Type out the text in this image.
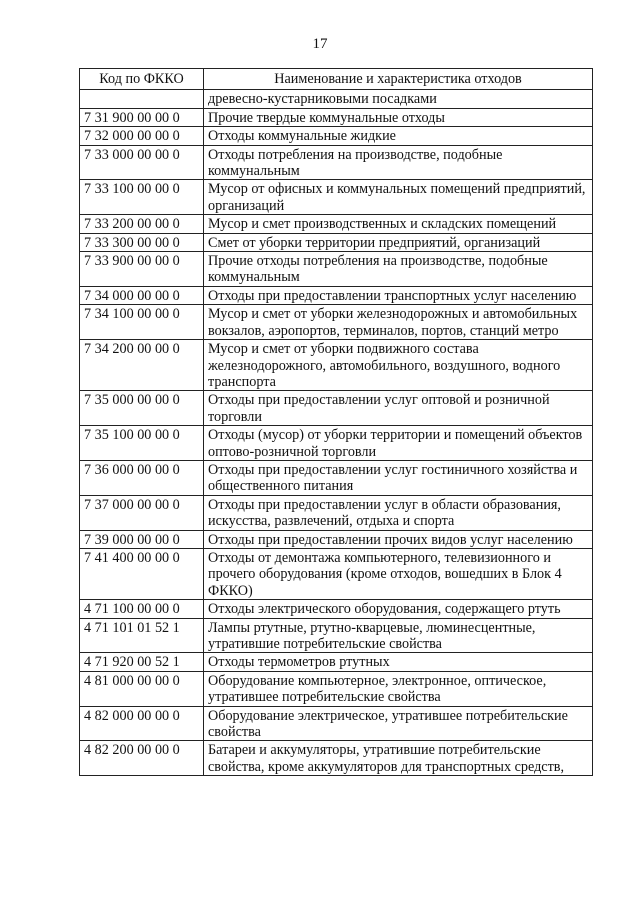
17
Код по ФККО	Наименование и характеристика отходов
	древесно-кустарниковыми посадками
7 31 900 00 00 0	Прочие твердые коммунальные отходы
7 32 000 00 00 0	Отходы коммунальные жидкие
7 33 000 00 00 0	Отходы потребления на производстве, подобные коммунальным
7 33 100 00 00 0	Мусор от офисных и коммунальных помещений предприятий, организаций
7 33 200 00 00 0	Мусор и смет производственных и складских помещений
7 33 300 00 00 0	Смет от уборки территории предприятий, организаций
7 33 900 00 00 0	Прочие отходы потребления на производстве, подобные коммунальным
7 34 000 00 00 0	Отходы при предоставлении транспортных услуг населению
7 34 100 00 00 0	Мусор и смет от уборки железнодорожных и автомобильных вокзалов, аэропортов, терминалов, портов, станций метро
7 34 200 00 00 0	Мусор и смет от уборки подвижного состава железнодорожного, автомобильного, воздушного, водного транспорта
7 35 000 00 00 0	Отходы при предоставлении услуг оптовой и розничной торговли
7 35 100 00 00 0	Отходы (мусор) от уборки территории и помещений объектов оптово-розничной торговли
7 36 000 00 00 0	Отходы при предоставлении услуг гостиничного хозяйства и общественного питания
7 37 000 00 00 0	Отходы при предоставлении услуг в области образования, искусства, развлечений, отдыха и спорта
7 39 000 00 00 0	Отходы при предоставлении прочих видов услуг населению
7 41 400 00 00 0	Отходы от демонтажа компьютерного, телевизионного и прочего оборудования (кроме отходов, вошедших в Блок 4 ФККО)
4 71 100 00 00 0	Отходы электрического оборудования, содержащего ртуть
4 71 101 01 52 1	Лампы ртутные, ртутно-кварцевые, люминесцентные, утратившие потребительские свойства
4 71 920 00 52 1	Отходы термометров ртутных
4 81 000 00 00 0	Оборудование компьютерное, электронное, оптическое, утратившее потребительские свойства
4 82 000 00 00 0	Оборудование электрическое, утратившее потребительские свойства
4 82 200 00 00 0	Батареи и аккумуляторы, утратившие потребительские свойства, кроме аккумуляторов для транспортных средств,
